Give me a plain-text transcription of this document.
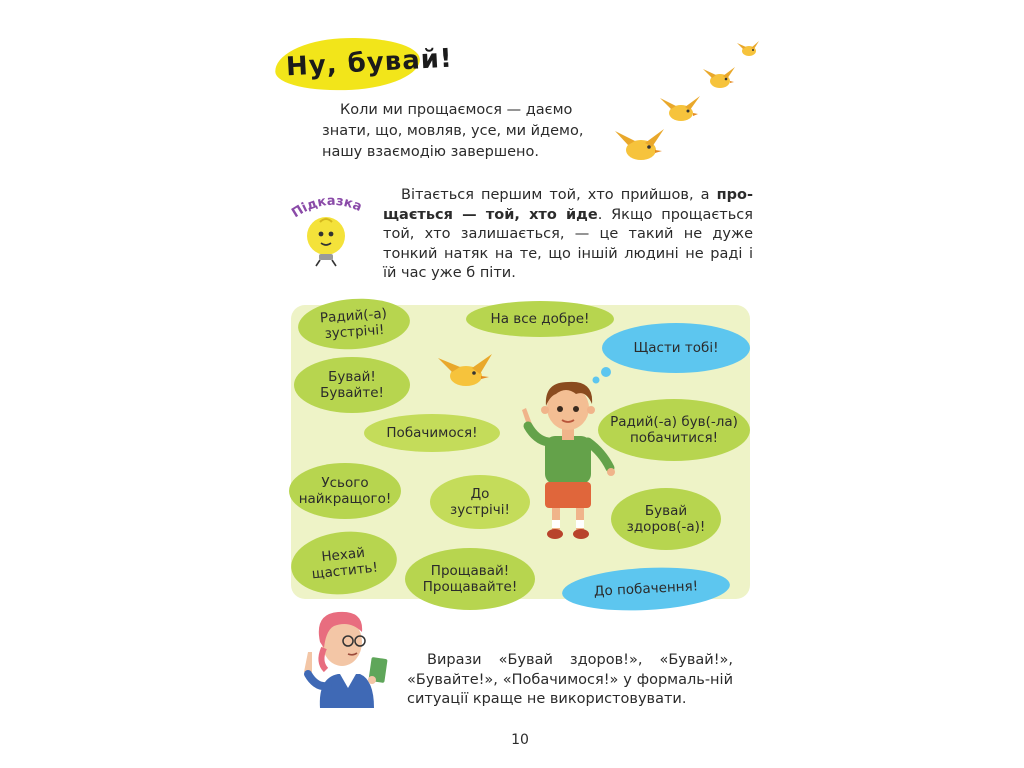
Ну, бувай!
Коли ми прощаємося — даємо
знати, що, мовляв, усе, ми йдемо,
нашу взаємодію завершено.
Підказка
Вітається першим той, хто прийшов, а про- щається — той, хто йде. Якщо прощається той, хто залишається, — це такий не дуже тонкий натяк на те, що іншій людині не раді і їй час уже б піти.
Радий(-а)
зустрічі!
На все добре!
Щасти тобі!
Бувай!
Бувайте!
Побачимося!
Радий(-а) був(-ла)
побачитися!
Усього
найкращого!	До
зустрічі!	Бувай
здоров(-а)!
Нехай
щастить!	Прощавай!
Прощавайте!	До побачення!
Вирази «Бувай здоров!», «Бувай!», «Бувайте!», «Побачимося!» у формаль-ній ситуації краще не використовувати.
10
